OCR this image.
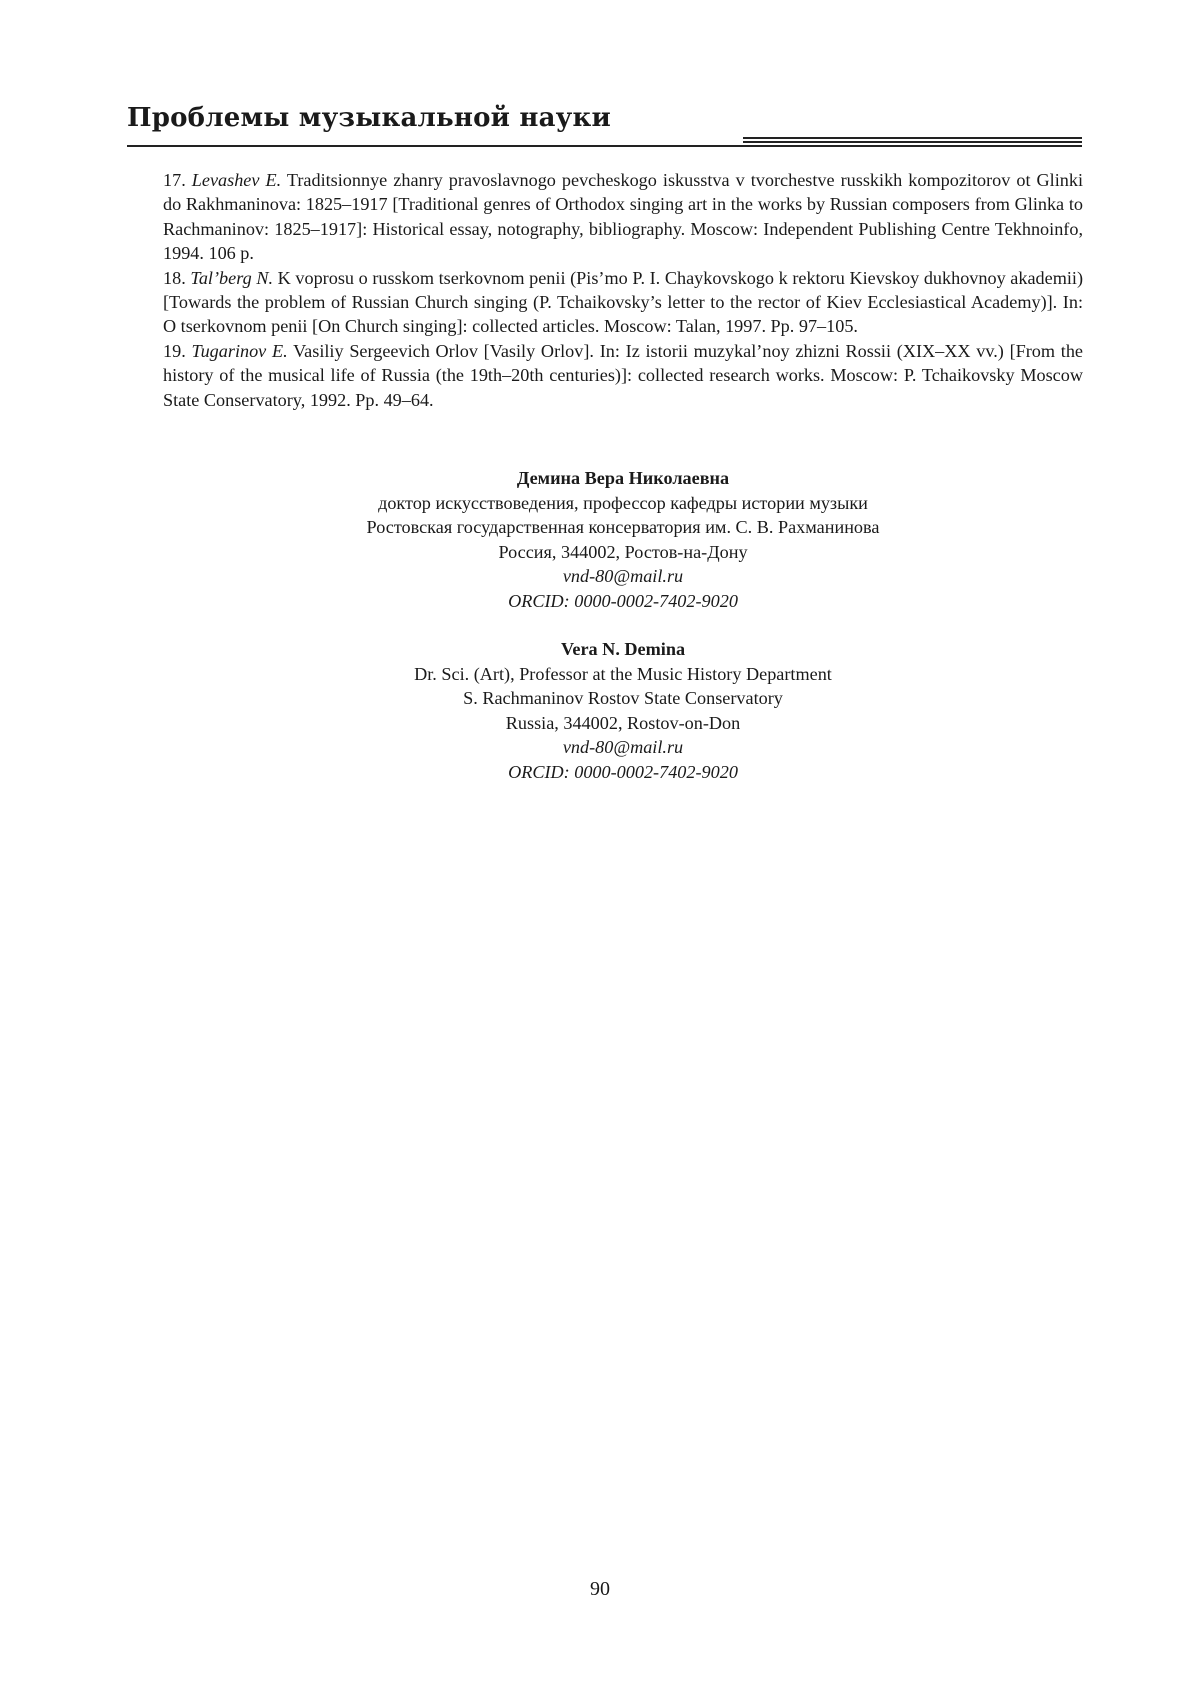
Проблемы музыкальной науки

17. Levashev E. Traditsionnye zhanry pravoslavnogo pevcheskogo iskusstva v tvorchestve russkikh kompozitorov ot Glinki do Rakhmaninova: 1825–1917 [Traditional genres of Orthodox singing art in the works by Russian composers from Glinka to Rachmaninov: 1825–1917]: Historical essay, notography, bibliography. Moscow: Independent Publishing Centre Tekhnoinfo, 1994. 106 p.

18. Tal’berg N. K voprosu o russkom tserkovnom penii (Pis’mo P. I. Chaykovskogo k rektoru Kievskoy dukhovnoy akademii) [Towards the problem of Russian Church singing (P. Tchaikovsky’s letter to the rector of Kiev Ecclesiastical Academy)]. In: O tserkovnom penii [On Church singing]: collected articles. Moscow: Talan, 1997. Pp. 97–105.

19. Tugarinov E. Vasiliy Sergeevich Orlov [Vasily Orlov]. In: Iz istorii muzykal’noy zhizni Rossii (XIX–XX vv.) [From the history of the musical life of Russia (the 19th–20th centuries)]: collected research works. Moscow: P. Tchaikovsky Moscow State Conservatory, 1992. Pp. 49–64.

Демина Вера Николаевна
доктор искусствоведения, профессор кафедры истории музыки
Ростовская государственная консерватория им. С. В. Рахманинова
Россия, 344002, Ростов-на-Дону
vnd-80@mail.ru
ORCID: 0000-0002-7402-9020
Vera N. Demina
Dr. Sci. (Art), Professor at the Music History Department
S. Rachmaninov Rostov State Conservatory
Russia, 344002, Rostov-on-Don
vnd-80@mail.ru
ORCID: 0000-0002-7402-9020
90
